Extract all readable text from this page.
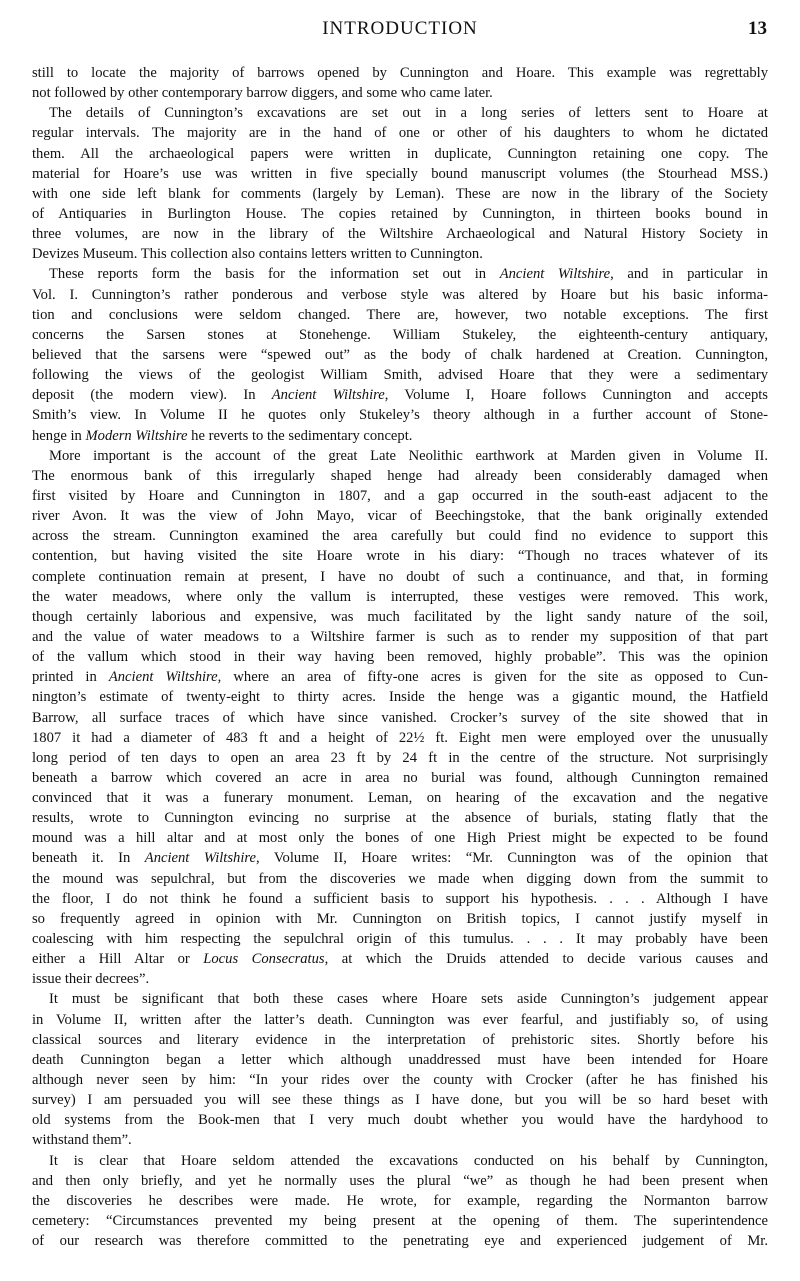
INTRODUCTION	13
still to locate the majority of barrows opened by Cunnington and Hoare. This example was regrettably
not followed by other contemporary barrow diggers, and some who came later.
The details of Cunnington’s excavations are set out in a long series of letters sent to Hoare at
regular intervals. The majority are in the hand of one or other of his daughters to whom he dictated
them. All the archaeological papers were written in duplicate, Cunnington retaining one copy. The
material for Hoare’s use was written in five specially bound manuscript volumes (the Stourhead MSS.)
with one side left blank for comments (largely by Leman). These are now in the library of the Society
of Antiquaries in Burlington House. The copies retained by Cunnington, in thirteen books bound in
three volumes, are now in the library of the Wiltshire Archaeological and Natural History Society in
Devizes Museum. This collection also contains letters written to Cunnington.
These reports form the basis for the information set out in Ancient Wiltshire, and in particular in
Vol. I. Cunnington’s rather ponderous and verbose style was altered by Hoare but his basic informa-
tion and conclusions were seldom changed. There are, however, two notable exceptions. The first
concerns the Sarsen stones at Stonehenge. William Stukeley, the eighteenth-century antiquary,
believed that the sarsens were “spewed out” as the body of chalk hardened at Creation. Cunnington,
following the views of the geologist William Smith, advised Hoare that they were a sedimentary
deposit (the modern view). In Ancient Wiltshire, Volume I, Hoare follows Cunnington and accepts
Smith’s view. In Volume II he quotes only Stukeley’s theory although in a further account of Stone-
henge in Modern Wiltshire he reverts to the sedimentary concept.
More important is the account of the great Late Neolithic earthwork at Marden given in Volume II.
The enormous bank of this irregularly shaped henge had already been considerably damaged when
first visited by Hoare and Cunnington in 1807, and a gap occurred in the south-east adjacent to the
river Avon. It was the view of John Mayo, vicar of Beechingstoke, that the bank originally extended
across the stream. Cunnington examined the area carefully but could find no evidence to support this
contention, but having visited the site Hoare wrote in his diary: “Though no traces whatever of its
complete continuation remain at present, I have no doubt of such a continuance, and that, in forming
the water meadows, where only the vallum is interrupted, these vestiges were removed. This work,
though certainly laborious and expensive, was much facilitated by the light sandy nature of the soil,
and the value of water meadows to a Wiltshire farmer is such as to render my supposition of that part
of the vallum which stood in their way having been removed, highly probable”. This was the opinion
printed in Ancient Wiltshire, where an area of fifty-one acres is given for the site as opposed to Cun-
nington’s estimate of twenty-eight to thirty acres. Inside the henge was a gigantic mound, the Hatfield
Barrow, all surface traces of which have since vanished. Crocker’s survey of the site showed that in
1807 it had a diameter of 483 ft and a height of 22½ ft. Eight men were employed over the unusually
long period of ten days to open an area 23 ft by 24 ft in the centre of the structure. Not surprisingly
beneath a barrow which covered an acre in area no burial was found, although Cunnington remained
convinced that it was a funerary monument. Leman, on hearing of the excavation and the negative
results, wrote to Cunnington evincing no surprise at the absence of burials, stating flatly that the
mound was a hill altar and at most only the bones of one High Priest might be expected to be found
beneath it. In Ancient Wiltshire, Volume II, Hoare writes: “Mr. Cunnington was of the opinion that
the mound was sepulchral, but from the discoveries we made when digging down from the summit to
the floor, I do not think he found a sufficient basis to support his hypothesis. . . . Although I have
so frequently agreed in opinion with Mr. Cunnington on British topics, I cannot justify myself in
coalescing with him respecting the sepulchral origin of this tumulus. . . . It may probably have been
either a Hill Altar or Locus Consecratus, at which the Druids attended to decide various causes and
issue their decrees”.
It must be significant that both these cases where Hoare sets aside Cunnington’s judgement appear
in Volume II, written after the latter’s death. Cunnington was ever fearful, and justifiably so, of using
classical sources and literary evidence in the interpretation of prehistoric sites. Shortly before his
death Cunnington began a letter which although unaddressed must have been intended for Hoare
although never seen by him: “In your rides over the county with Crocker (after he has finished his
survey) I am persuaded you will see these things as I have done, but you will be so hard beset with
old systems from the Book-men that I very much doubt whether you would have the hardyhood to
withstand them”.
It is clear that Hoare seldom attended the excavations conducted on his behalf by Cunnington,
and then only briefly, and yet he normally uses the plural “we” as though he had been present when
the discoveries he describes were made. He wrote, for example, regarding the Normanton barrow
cemetery: “Circumstances prevented my being present at the opening of them. The superintendence
of our research was therefore committed to the penetrating eye and experienced judgement of Mr.
